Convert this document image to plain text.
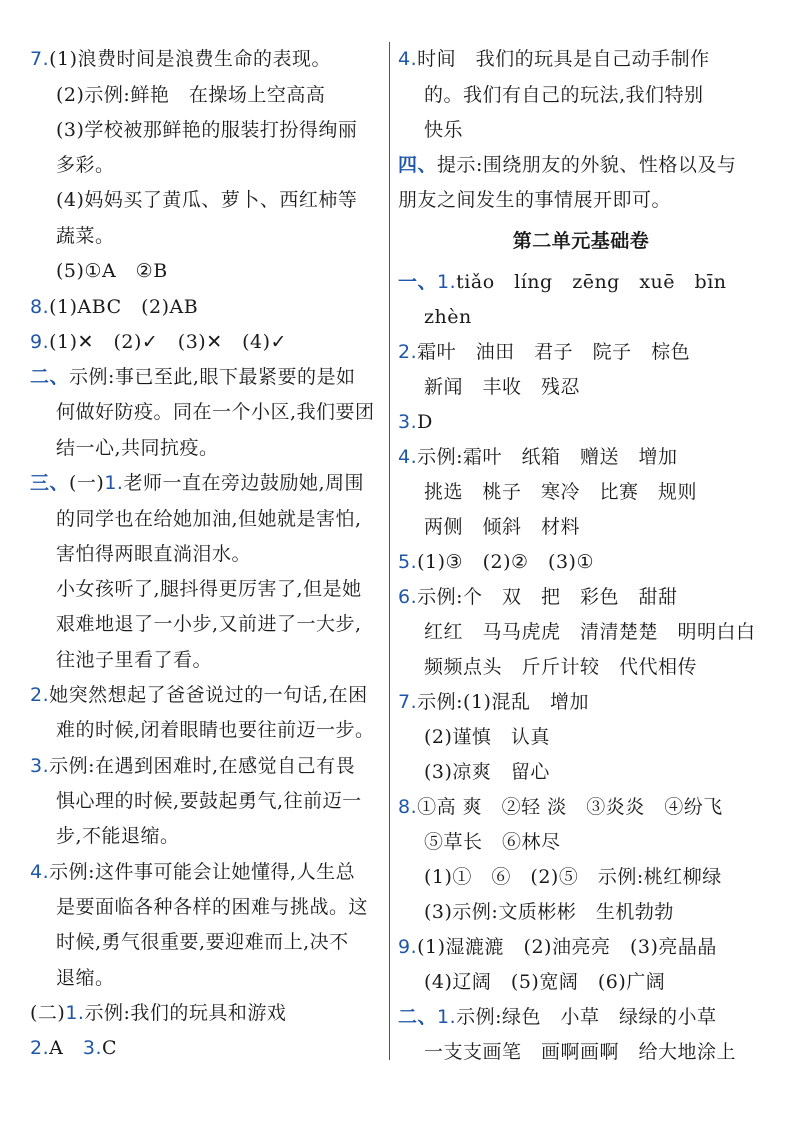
7.(1)浪费时间是浪费生命的表现。
(2)示例:鲜艳　在操场上空高高
(3)学校被那鲜艳的服装打扮得绚丽
多彩。
(4)妈妈买了黄瓜、萝卜、西红柿等
蔬菜。
(5)①A　②B
8.(1)ABC　(2)AB
9.(1)✕　(2)✓　(3)✕　(4)✓
二、示例:事已至此,眼下最紧要的是如
何做好防疫。同在一个小区,我们要团
结一心,共同抗疫。
三、(一)1.老师一直在旁边鼓励她,周围
的同学也在给她加油,但她就是害怕,
害怕得两眼直淌泪水。
小女孩听了,腿抖得更厉害了,但是她
艰难地退了一小步,又前进了一大步,
往池子里看了看。
2.她突然想起了爸爸说过的一句话,在困
难的时候,闭着眼睛也要往前迈一步。
3.示例:在遇到困难时,在感觉自己有畏
惧心理的时候,要鼓起勇气,往前迈一
步,不能退缩。
4.示例:这件事可能会让她懂得,人生总
是要面临各种各样的困难与挑战。这
时候,勇气很重要,要迎难而上,决不
退缩。
(二)1.示例:我们的玩具和游戏
2.A　3.C
4.时间　我们的玩具是自己动手制作
的。我们有自己的玩法,我们特别
快乐
四、提示:围绕朋友的外貌、性格以及与
朋友之间发生的事情展开即可。
第二单元基础卷
一、1.tiǎo　líng　zēng　xuē　bīn
zhèn
2.霜叶　油田　君子　院子　棕色
新闻　丰收　残忍
3.D
4.示例:霜叶　纸箱　赠送　增加
挑选　桃子　寒冷　比赛　规则
两侧　倾斜　材料
5.(1)③　(2)②　(3)①
6.示例:个　双　把　彩色　甜甜
红红　马马虎虎　清清楚楚　明明白白
频频点头　斤斤计较　代代相传
7.示例:(1)混乱　增加
(2)谨慎　认真
(3)凉爽　留心
8.①高 爽　②轻 淡　③炎炎　④纷飞
⑤草长　⑥林尽
(1)①　⑥　(2)⑤　示例:桃红柳绿
(3)示例:文质彬彬　生机勃勃
9.(1)湿漉漉　(2)油亮亮　(3)亮晶晶
(4)辽阔　(5)宽阔　(6)广阔
二、1.示例:绿色　小草　绿绿的小草
一支支画笔　画啊画啊　给大地涂上
